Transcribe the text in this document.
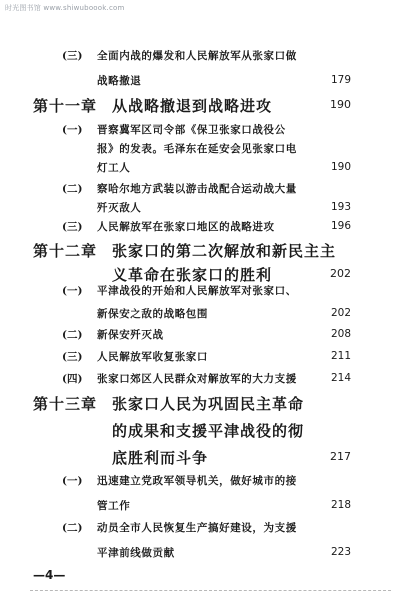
时光图书馆 www.shiwuboook.com
(三) 全面内战的爆发和人民解放军从张家口做
战略撤退	179
第十一章 从战略撤退到战略进攻	190
(一) 晋察冀军区司令部《保卫张家口战役公
报》的发表。毛泽东在延安会见张家口电
灯工人	190
(二) 察哈尔地方武装以游击战配合运动战大量
歼灭敌人	193
(三) 人民解放军在张家口地区的战略进攻	196
第十二章 张家口的第二次解放和新民主主
义革命在张家口的胜利	202
(一) 平津战役的开始和人民解放军对张家口、
新保安之敌的战略包围	202
(二) 新保安歼灭战	208
(三) 人民解放军收复张家口	211
(四) 张家口郊区人民群众对解放军的大力支援	214
第十三章 张家口人民为巩固民主革命
的成果和支援平津战役的彻
底胜利而斗争	217
(一) 迅速建立党政军领导机关，做好城市的接
管工作	218
(二) 动员全市人民恢复生产搞好建设，为支援
平津前线做贡献	223
—4—
